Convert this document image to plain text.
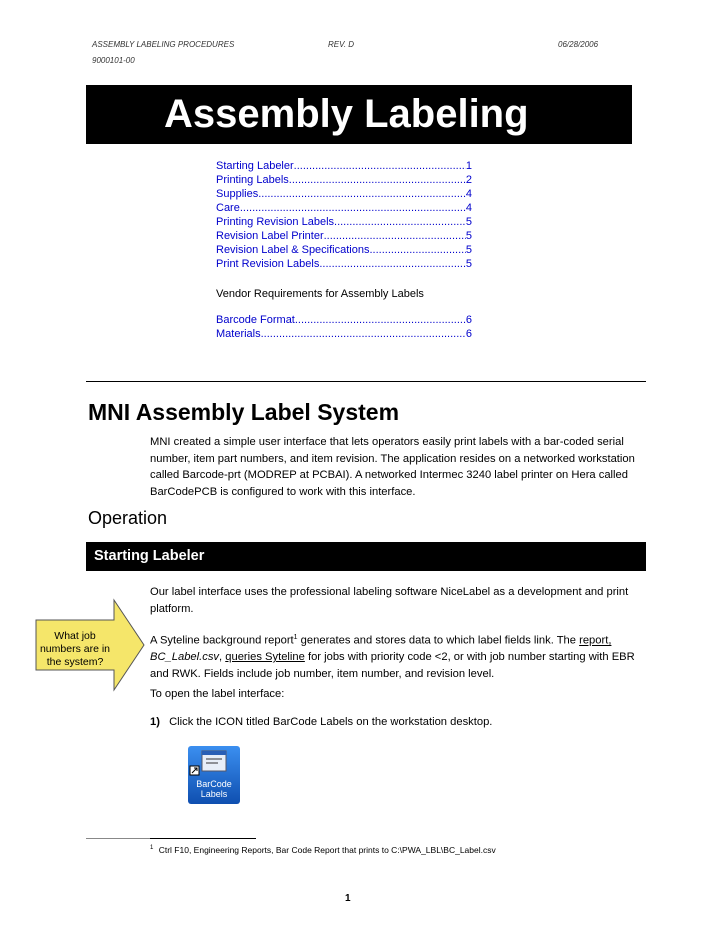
ASSEMBLY LABELING PROCEDURES	REV. D	06/28/2006
9000101-00
Assembly Labeling
Starting Labeler .....	1
Printing Labels .....	2
Supplies .....	4
Care .....	4
Printing Revision Labels .....	5
Revision Label Printer .....	5
Revision Label & Specifications .....	5
Print Revision Labels .....	5
Vendor Requirements for Assembly Labels
Barcode Format .....	6
Materials .....	6
MNI Assembly Label System
MNI created a simple user interface that lets operators easily print labels with a bar-coded serial number, item part numbers, and item revision. The application resides on a networked workstation called Barcode-prt (MODREP at PCBAI). A networked Intermec 3240 label printer on Hera called BarCodePCB is configured to work with this interface.
Operation
Starting Labeler
Our label interface uses the professional labeling software NiceLabel as a development and print platform.
A Syteline background report$^1$ generates and stores data to which label fields link. The report, BC_Label.csv, queries Syteline for jobs with priority code <2, or with job number starting with EBR and RWK. Fields include job number, item number, and revision level.
To open the label interface:
1) Click the ICON titled BarCode Labels on the workstation desktop.
What job numbers are in the system?
BarCode
Labels
$^1$ Ctrl F10, Engineering Reports, Bar Code Report that prints to C:\PWA_LBL\BC_Label.csv
1
